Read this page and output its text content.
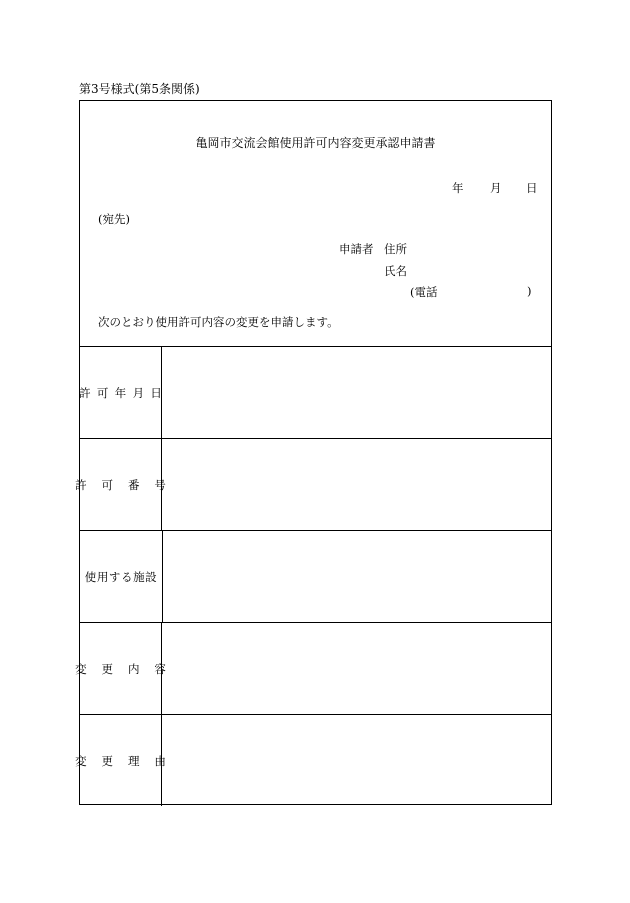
第3号様式(第5条関係)
亀岡市交流会館使用許可内容変更承認申請書
年 月 日
(宛先)
申請者 住所
氏名
(電話	)
次のとおり使用許可内容の変更を申請します。
許可年月日
許可番号
使用する施設
変更内容
変更理由
